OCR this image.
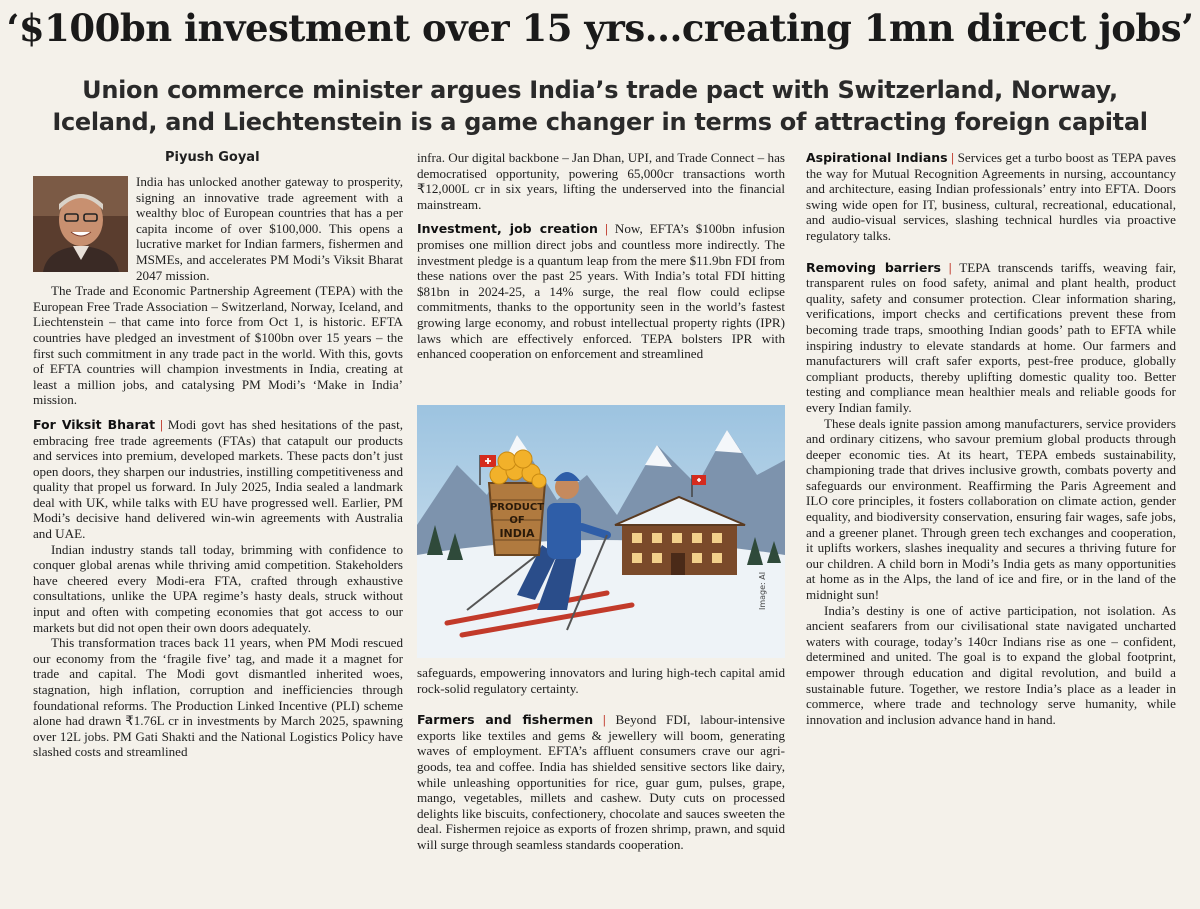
‘$100bn investment over 15 yrs...creating 1mn direct jobs’
Union commerce minister argues India’s trade pact with Switzerland, Norway, Iceland, and Liechtenstein is a game changer in terms of attracting foreign capital
Piyush Goyal

India has unlocked another gateway to prosperity, signing an innovative trade agreement with a wealthy bloc of European countries that has a per capita income of over $100,000. This opens a lucrative market for Indian farmers, fishermen and MSMEs, and accelerates PM Modi’s Viksit Bharat 2047 mission.

The Trade and Economic Partnership Agreement (TEPA) with the European Free Trade Association – Switzerland, Norway, Iceland, and Liechtenstein – that came into force from Oct 1, is historic. EFTA countries have pledged an investment of $100bn over 15 years – the first such commitment in any trade pact in the world. With this, govts of EFTA countries will champion investments in India, creating at least a million jobs, and catalysing PM Modi’s ‘Make in India’ mission.

For Viksit Bharat | Modi govt has shed hesitations of the past, embracing free trade agreements (FTAs) that catapult our products and services into premium, developed markets. These pacts don’t just open doors, they sharpen our industries, instilling competitiveness and quality that propel us forward. In July 2025, India sealed a landmark deal with UK, while talks with EU have progressed well. Earlier, PM Modi’s decisive hand delivered win-win agreements with Australia and UAE.

Indian industry stands tall today, brimming with confidence to conquer global arenas while thriving amid competition. Stakeholders have cheered every Modi-era FTA, crafted through exhaustive consultations, unlike the UPA regime’s hasty deals, struck without input and often with competing economies that got access to our markets but did not open their own doors adequately.

This transformation traces back 11 years, when PM Modi rescued our economy from the ‘fragile five’ tag, and made it a magnet for trade and capital. The Modi govt dismantled inherited woes, stagnation, high inflation, corruption and inefficiencies through foundational reforms. The Production Linked Incentive (PLI) scheme alone had drawn ₹1.76L cr in investments by March 2025, spawning over 12L jobs. PM Gati Shakti and the National Logistics Policy have slashed costs and streamlined

infra. Our digital backbone – Jan Dhan, UPI, and Trade Connect – has democratised opportunity, powering 65,000cr transactions worth ₹12,000L cr in six years, lifting the underserved into the financial mainstream.

Investment, job creation | Now, EFTA’s $100bn infusion promises one million direct jobs and countless more indirectly. The investment pledge is a quantum leap from the mere $11.9bn FDI from these nations over the past 25 years. With India’s total FDI hitting $81bn in 2024-25, a 14% surge, the real flow could eclipse commitments, thanks to the opportunity seen in the world’s fastest growing large economy, and robust intellectual property rights (IPR) laws which are effectively enforced. TEPA bolsters IPR with enhanced cooperation on enforcement and streamlined

PRODUCT
OF
INDIA
Image: AI

safeguards, empowering innovators and luring high-tech capital amid rock-solid regulatory certainty.

Farmers and fishermen | Beyond FDI, labour-intensive exports like textiles and gems & jewellery will boom, generating waves of employment. EFTA’s affluent consumers crave our agri-goods, tea and coffee. India has shielded sensitive sectors like dairy, while unleashing opportunities for rice, guar gum, pulses, grape, mango, vegetables, millets and cashew. Duty cuts on processed delights like biscuits, confectionery, chocolate and sauces sweeten the deal. Fishermen rejoice as exports of frozen shrimp, prawn, and squid will surge through seamless standards cooperation.

Aspirational Indians | Services get a turbo boost as TEPA paves the way for Mutual Recognition Agreements in nursing, accountancy and architecture, easing Indian professionals’ entry into EFTA. Doors swing wide open for IT, business, cultural, recreational, educational, and audio-visual services, slashing technical hurdles via proactive regulatory talks.

Removing barriers | TEPA transcends tariffs, weaving fair, transparent rules on food safety, animal and plant health, product quality, safety and consumer protection. Clear information sharing, verifications, import checks and certifications prevent these from becoming trade traps, smoothing Indian goods’ path to EFTA while inspiring industry to elevate standards at home. Our farmers and manufacturers will craft safer exports, pest-free produce, globally compliant products, thereby uplifting domestic quality too. Better testing and compliance mean healthier meals and reliable goods for every Indian family.

These deals ignite passion among manufacturers, service providers and ordinary citizens, who savour premium global products through deeper economic ties. At its heart, TEPA embeds sustainability, championing trade that drives inclusive growth, combats poverty and safeguards our environment. Reaffirming the Paris Agreement and ILO core principles, it fosters collaboration on climate action, gender equality, and biodiversity conservation, ensuring fair wages, safe jobs, and a greener planet. Through green tech exchanges and cooperation, it uplifts workers, slashes inequality and secures a thriving future for our children. A child born in Modi’s India gets as many opportunities at home as in the Alps, the land of ice and fire, or in the land of the midnight sun!

India’s destiny is one of active participation, not isolation. As ancient seafarers from our civilisational state navigated uncharted waters with courage, today’s 140cr Indians rise as one – confident, determined and united. The goal is to expand the global footprint, empower through education and digital revolution, and build a sustainable future. Together, we restore India’s place as a leader in commerce, where trade and technology serve humanity, while innovation and inclusion advance hand in hand.
